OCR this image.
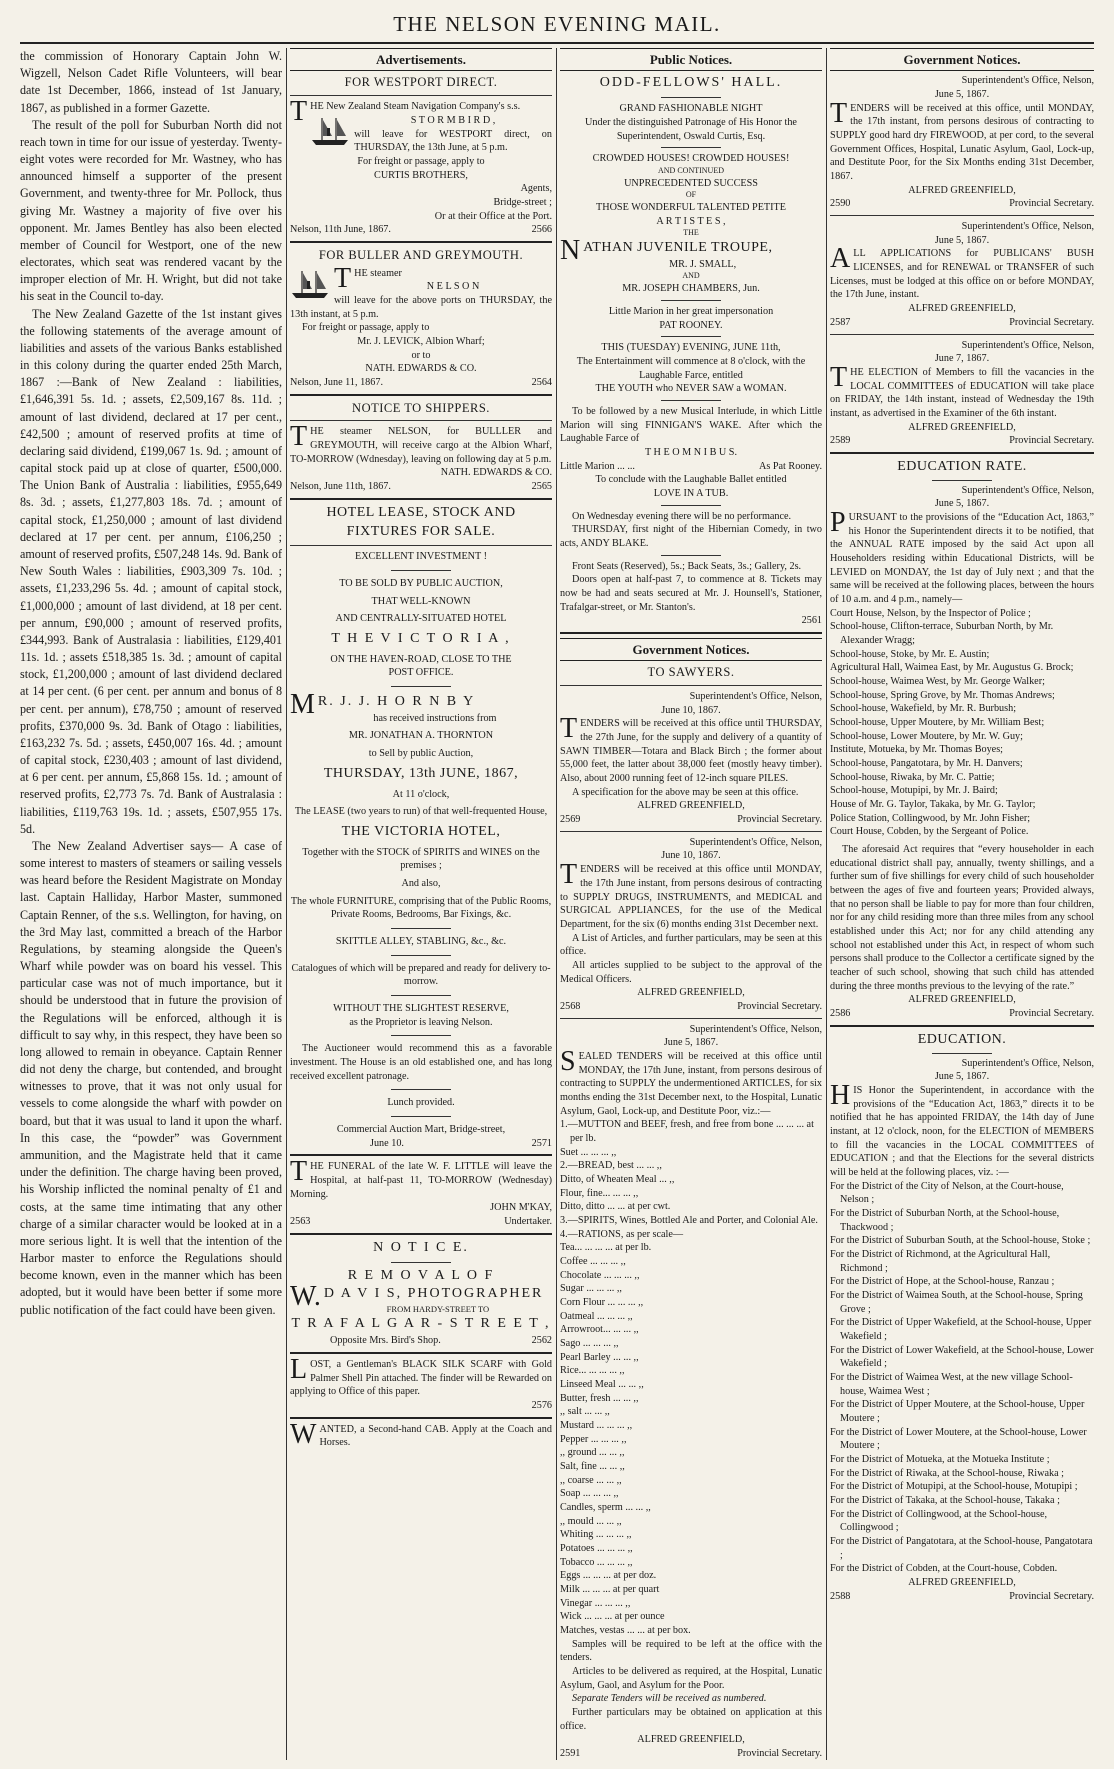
THE NELSON EVENING MAIL.

the commission of Honorary Captain John W. Wigzell, Nelson Cadet Rifle Volunteers, will bear date 1st December, 1866, instead of 1st January, 1867, as published in a former Gazette.

The result of the poll for Suburban North did not reach town in time for our issue of yesterday. Twenty-eight votes were recorded for Mr. Wastney, who has announced himself a supporter of the present Government, and twenty-three for Mr. Pollock, thus giving Mr. Wastney a majority of five over his opponent. Mr. James Bentley has also been elected member of Council for Westport, one of the new electorates, which seat was rendered vacant by the improper election of Mr. H. Wright, but did not take his seat in the Council to-day.

The New Zealand Gazette of the 1st instant gives the following statements of the average amount of liabilities and assets of the various Banks established in this colony during the quarter ended 25th March, 1867 :—Bank of New Zealand : liabilities, £1,646,391 5s. 1d. ; assets, £2,509,167 8s. 11d. ; amount of last dividend, declared at 17 per cent., £42,500 ; amount of reserved profits at time of declaring said dividend, £199,067 1s. 9d. ; amount of capital stock paid up at close of quarter, £500,000. The Union Bank of Australia : liabilities, £955,649 8s. 3d. ; assets, £1,277,803 18s. 7d. ; amount of capital stock, £1,250,000 ; amount of last dividend declared at 17 per cent. per annum, £106,250 ; amount of reserved profits, £507,248 14s. 9d. Bank of New South Wales : liabilities, £903,309 7s. 10d. ; assets, £1,233,296 5s. 4d. ; amount of capital stock, £1,000,000 ; amount of last dividend, at 18 per cent. per annum, £90,000 ; amount of reserved profits, £344,993. Bank of Australasia : liabilities, £129,401 11s. 1d. ; assets £518,385 1s. 3d. ; amount of capital stock, £1,200,000 ; amount of last dividend declared at 14 per cent. (6 per cent. per annum and bonus of 8 per cent. per annum), £78,750 ; amount of reserved profits, £370,000 9s. 3d. Bank of Otago : liabilities, £163,232 7s. 5d. ; assets, £450,007 16s. 4d. ; amount of capital stock, £230,403 ; amount of last dividend, at 6 per cent. per annum, £5,868 15s. 1d. ; amount of reserved profits, £2,773 7s. 7d. Bank of Australasia : liabilities, £119,763 19s. 1d. ; assets, £507,955 17s. 5d.

The New Zealand Advertiser says— A case of some interest to masters of steamers or sailing vessels was heard before the Resident Magistrate on Monday last. Captain Halliday, Harbor Master, summoned Captain Renner, of the s.s. Wellington, for having, on the 3rd May last, committed a breach of the Harbor Regulations, by steaming alongside the Queen's Wharf while powder was on board his vessel. This particular case was not of much importance, but it should be understood that in future the provision of the Regulations will be enforced, although it is difficult to say why, in this respect, they have been so long allowed to remain in obeyance. Captain Renner did not deny the charge, but contended, and brought witnesses to prove, that it was not only usual for vessels to come alongside the wharf with powder on board, but that it was usual to land it upon the wharf. In this case, the “powder” was Government ammunition, and the Magistrate held that it came under the definition. The charge having been proved, his Worship inflicted the nominal penalty of £1 and costs, at the same time intimating that any other charge of a similar character would be looked at in a more serious light. It is well that the intention of the Harbor master to enforce the Regulations should become known, even in the manner which has been adopted, but it would have been better if some more public notification of the fact could have been given.

Advertisements.
FOR WESTPORT DIRECT.

THE New Zealand Steam Navigation Company's s.s.

S T O R M B I R D ,

will leave for WESTPORT direct, on THURSDAY, the 13th June, at 5 p.m.

For freight or passage, apply to

CURTIS BROTHERS,

Agents,

Bridge-street ;

Or at their Office at the Port.

Nelson, 11th June, 1867.	2566
FOR BULLER AND GREYMOUTH.

THE steamer

N E L S O N

will leave for the above ports on THURSDAY, the 13th instant, at 5 p.m.

For freight or passage, apply to

Mr. J. LEVICK, Albion Wharf;

or to

NATH. EDWARDS & CO.

Nelson, June 11, 1867.	2564
NOTICE TO SHIPPERS.

THE steamer NELSON, for BULLLER and GREYMOUTH, will receive cargo at the Albion Wharf, TO-MORROW (Wdnesday), leaving on following day at 5 p.m.

NATH. EDWARDS & CO.

Nelson, June 11th, 1867.	2565
HOTEL LEASE, STOCK AND FIXTURES FOR SALE.

EXCELLENT INVESTMENT !

TO BE SOLD BY PUBLIC AUCTION,

THAT WELL-KNOWN

AND CENTRALLY-SITUATED HOTEL

T H E V I C T O R I A ,

ON THE HAVEN-ROAD, CLOSE TO THE

POST OFFICE.

M R. J. J. H O R N B Y

has received instructions from

MR. JONATHAN A. THORNTON

to Sell by public Auction,

THURSDAY, 13th JUNE, 1867,

At 11 o'clock,

The LEASE (two years to run) of that well-frequented House,

THE VICTORIA HOTEL,

Together with the STOCK of SPIRITS and WINES on the premises ;

And also,

The whole FURNITURE, comprising that of the Public Rooms, Private Rooms, Bedrooms, Bar Fixings, &c.

SKITTLE ALLEY, STABLING, &c., &c.

Catalogues of which will be prepared and ready for delivery to-morrow.

WITHOUT THE SLIGHTEST RESERVE,

as the Proprietor is leaving Nelson.

The Auctioneer would recommend this as a favorable investment. The House is an old established one, and has long received excellent patronage.

Lunch provided.

Commercial Auction Mart, Bridge-street,

June 10.	2571

THE FUNERAL of the late W. F. LITTLE will leave the Hospital, at half-past 11, TO-MORROW (Wednesday) Morning.

JOHN M'KAY,

2563	Undertaker.
N O T I C E.

R E M O V A L O F

W. D A V I S, PHOTOGRAPHER

FROM HARDY-STREET TO

T R A F A L G A R - S T R E E T ,

Opposite Mrs. Bird's Shop.	2562

LOST, a Gentleman's BLACK SILK SCARF with Gold Palmer Shell Pin attached. The finder will be Rewarded on applying to Office of this paper.

2576

WANTED, a Second-hand CAB. Apply at the Coach and Horses.

Public Notices.
ODD-FELLOWS' HALL.

GRAND FASHIONABLE NIGHT

Under the distinguished Patronage of His Honor the Superintendent, Oswald Curtis, Esq.

CROWDED HOUSES! CROWDED HOUSES!

AND CONTINUED

UNPRECEDENTED SUCCESS

OF

THOSE WONDERFUL TALENTED PETITE

A R T I S T E S ,

THE

NATHAN JUVENILE TROUPE,

MR. J. SMALL,

AND

MR. JOSEPH CHAMBERS, Jun.

Little Marion in her great impersonation

PAT ROONEY.

THIS (TUESDAY) EVENING, JUNE 11th,

The Entertainment will commence at 8 o'clock, with the Laughable Farce, entitled

THE YOUTH who NEVER SAW a WOMAN.

To be followed by a new Musical Interlude, in which Little Marion will sing FINNIGAN'S WAKE. After which the Laughable Farce of

T H E O M N I B U S.

Little Marion ... ...	As Pat Rooney.

To conclude with the Laughable Ballet entitled

LOVE IN A TUB.

On Wednesday evening there will be no performance.

THURSDAY, first night of the Hibernian Comedy, in two acts, ANDY BLAKE.

Front Seats (Reserved), 5s.; Back Seats, 3s.; Gallery, 2s.

Doors open at half-past 7, to commence at 8. Tickets may now be had and seats secured at Mr. J. Hounsell's, Stationer, Trafalgar-street, or Mr. Stanton's.

2561

Government Notices.
TO SAWYERS.

Superintendent's Office, Nelson,

June 10, 1867.

TENDERS will be received at this office until THURSDAY, the 27th June, for the supply and delivery of a quantity of SAWN TIMBER—Totara and Black Birch ; the former about 55,000 feet, the latter about 38,000 feet (mostly heavy timber). Also, about 2000 running feet of 12-inch square PILES.

A specification for the above may be seen at this office.

ALFRED GREENFIELD,

2569	Provincial Secretary.

Superintendent's Office, Nelson,

June 10, 1867.

TENDERS will be received at this office until MONDAY, the 17th June instant, from persons desirous of contracting to SUPPLY DRUGS, INSTRUMENTS, and MEDICAL and SURGICAL APPLIANCES, for the use of the Medical Department, for the six (6) months ending 31st December next.

A List of Articles, and further particulars, may be seen at this office.

All articles supplied to be subject to the approval of the Medical Officers.

ALFRED GREENFIELD,

2568	Provincial Secretary.

Superintendent's Office, Nelson,

June 5, 1867.

SEALED TENDERS will be received at this office until MONDAY, the 17th June, instant, from persons desirous of contracting to SUPPLY the undermentioned ARTICLES, for six months ending the 31st December next, to the Hospital, Lunatic Asylum, Gaol, Lock-up, and Destitute Poor, viz.:—

1.—MUTTON and BEEF, fresh, and free from bone ... ... ... at per lb.

Suet ... ... ... ,,

2.—BREAD, best ... ... ,,

Ditto, of Wheaten Meal ... ,,

Flour, fine... ... ... ,,

Ditto, ditto ... ... at per cwt.

3.—SPIRITS, Wines, Bottled Ale and Porter, and Colonial Ale.

4.—RATIONS, as per scale—

Tea... ... ... ... at per lb.

Coffee ... ... ... ,,

Chocolate ... ... ... ,,

Sugar ... ... ... ,,

Corn Flour ... ... ... ,,

Oatmeal ... ... ... ,,

Arrowroot... ... ... ,,

Sago ... ... ... ,,

Pearl Barley ... ... ,,

Rice... ... ... ... ,,

Linseed Meal ... ... ,,

Butter, fresh ... ... ,,

,, salt ... ... ,,

Mustard ... ... ... ,,

Pepper ... ... ... ,,

,, ground ... ... ,,

Salt, fine ... ... ,,

,, coarse ... ... ,,

Soap ... ... ... ,,

Candles, sperm ... ... ,,

,, mould ... ... ,,

Whiting ... ... ... ,,

Potatoes ... ... ... ,,

Tobacco ... ... ... ,,

Eggs ... ... ... at per doz.

Milk ... ... ... at per quart

Vinegar ... ... ... ,,

Wick ... ... ... at per ounce

Matches, vestas ... ... at per box.

Samples will be required to be left at the office with the tenders.

Articles to be delivered as required, at the Hospital, Lunatic Asylum, Gaol, and Asylum for the Poor.

Separate Tenders will be received as numbered.

Further particulars may be obtained on application at this office.

ALFRED GREENFIELD,

2591	Provincial Secretary.
Government Notices.

Superintendent's Office, Nelson,

June 5, 1867.

TENDERS will be received at this office, until MONDAY, the 17th instant, from persons desirous of contracting to SUPPLY good hard dry FIREWOOD, at per cord, to the several Government Offices, Hospital, Lunatic Asylum, Gaol, Lock-up, and Destitute Poor, for the Six Months ending 31st December, 1867.

ALFRED GREENFIELD,

2590	Provincial Secretary.

Superintendent's Office, Nelson,

June 5, 1867.

ALL APPLICATIONS for PUBLICANS' BUSH LICENSES, and for RENEWAL or TRANSFER of such Licenses, must be lodged at this office on or before MONDAY, the 17th June, instant.

ALFRED GREENFIELD,

2587	Provincial Secretary.

Superintendent's Office, Nelson,

June 7, 1867.

THE ELECTION of Members to fill the vacancies in the LOCAL COMMITTEES of EDUCATION will take place on FRIDAY, the 14th instant, instead of Wednesday the 19th instant, as advertised in the Examiner of the 6th instant.

ALFRED GREENFIELD,

2589	Provincial Secretary.
EDUCATION RATE.

Superintendent's Office, Nelson,

June 5, 1867.

PURSUANT to the provisions of the “Education Act, 1863,” his Honor the Superintendent directs it to be notified, that the ANNUAL RATE imposed by the said Act upon all Householders residing within Educational Districts, will be LEVIED on MONDAY, the 1st day of July next ; and that the same will be received at the following places, between the hours of 10 a.m. and 4 p.m., namely—

Court House, Nelson, by the Inspector of Police ;

School-house, Clifton-terrace, Suburban North, by Mr. Alexander Wragg;

School-house, Stoke, by Mr. E. Austin;

Agricultural Hall, Waimea East, by Mr. Augustus G. Brock;

School-house, Waimea West, by Mr. George Walker;

School-house, Spring Grove, by Mr. Thomas Andrews;

School-house, Wakefield, by Mr. R. Burbush;

School-house, Upper Moutere, by Mr. William Best;

School-house, Lower Moutere, by Mr. W. Guy;

Institute, Motueka, by Mr. Thomas Boyes;

School-house, Pangatotara, by Mr. H. Danvers;

School-house, Riwaka, by Mr. C. Pattie;

School-house, Motupipi, by Mr. J. Baird;

House of Mr. G. Taylor, Takaka, by Mr. G. Taylor;

Police Station, Collingwood, by Mr. John Fisher;

Court House, Cobden, by the Sergeant of Police.

The aforesaid Act requires that “every householder in each educational district shall pay, annually, twenty shillings, and a further sum of five shillings for every child of such householder between the ages of five and fourteen years; Provided always, that no person shall be liable to pay for more than four children, nor for any child residing more than three miles from any school established under this Act; nor for any child attending any school not established under this Act, in respect of whom such persons shall produce to the Collector a certificate signed by the teacher of such school, showing that such child has attended during the three months previous to the levying of the rate.”

ALFRED GREENFIELD,

2586	Provincial Secretary.
EDUCATION.

Superintendent's Office, Nelson,

June 5, 1867.

HIS Honor the Superintendent, in accordance with the provisions of the “Education Act, 1863,” directs it to be notified that he has appointed FRIDAY, the 14th day of June instant, at 12 o'clock, noon, for the ELECTION of MEMBERS to fill the vacancies in the LOCAL COMMITTEES of EDUCATION ; and that the Elections for the several districts will be held at the following places, viz. :—

For the District of the City of Nelson, at the Court-house, Nelson ;

For the District of Suburban North, at the School-house, Thackwood ;

For the District of Suburban South, at the School-house, Stoke ;

For the District of Richmond, at the Agricultural Hall, Richmond ;

For the District of Hope, at the School-house, Ranzau ;

For the District of Waimea South, at the School-house, Spring Grove ;

For the District of Upper Wakefield, at the School-house, Upper Wakefield ;

For the District of Lower Wakefield, at the School-house, Lower Wakefield ;

For the District of Waimea West, at the new village School-house, Waimea West ;

For the District of Upper Moutere, at the School-house, Upper Moutere ;

For the District of Lower Moutere, at the School-house, Lower Moutere ;

For the District of Motueka, at the Motueka Institute ;

For the District of Riwaka, at the School-house, Riwaka ;

For the District of Motupipi, at the School-house, Motupipi ;

For the District of Takaka, at the School-house, Takaka ;

For the District of Collingwood, at the School-house, Collingwood ;

For the District of Pangatotara, at the School-house, Pangatotara ;

For the District of Cobden, at the Court-house, Cobden.

ALFRED GREENFIELD,

2588	Provincial Secretary.
